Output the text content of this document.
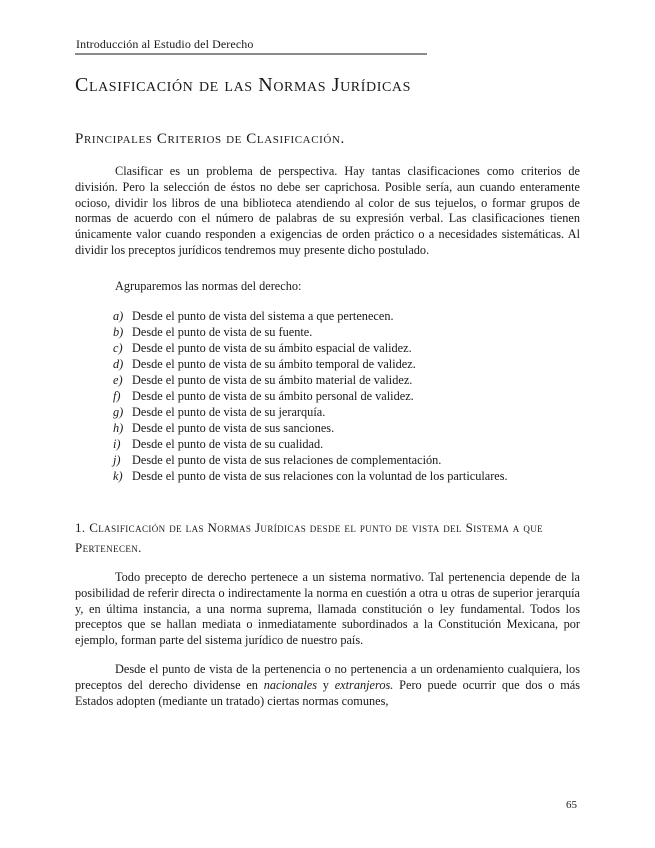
Introducción al Estudio del Derecho
Clasificación de las Normas Jurídicas
Principales Criterios de Clasificación.

Clasificar es un problema de perspectiva. Hay tantas clasificaciones como criterios de división. Pero la selección de éstos no debe ser caprichosa. Posible sería, aun cuando enteramente ocioso, dividir los libros de una biblioteca atendiendo al color de sus tejuelos, o formar grupos de normas de acuerdo con el número de palabras de su expresión verbal. Las clasificaciones tienen únicamente valor cuando responden a exigencias de orden práctico o a necesidades sistemáticas. Al dividir los preceptos jurídicos tendremos muy presente dicho postulado.

Agruparemos las normas del derecho:

a) Desde el punto de vista del sistema a que pertenecen.
b) Desde el punto de vista de su fuente.
c) Desde el punto de vista de su ámbito espacial de validez.
d) Desde el punto de vista de su ámbito temporal de validez.
e) Desde el punto de vista de su ámbito material de validez.
f) Desde el punto de vista de su ámbito personal de validez.
g) Desde el punto de vista de su jerarquía.
h) Desde el punto de vista de sus sanciones.
i) Desde el punto de vista de su cualidad.
j) Desde el punto de vista de sus relaciones de complementación.
k) Desde el punto de vista de sus relaciones con la voluntad de los particulares.
1. Clasificación de las Normas Jurídicas desde el punto de vista del Sistema a que Pertenecen.

Todo precepto de derecho pertenece a un sistema normativo. Tal pertenencia depende de la posibilidad de referir directa o indirectamente la norma en cuestión a otra u otras de superior jerarquía y, en última instancia, a una norma suprema, llamada constitución o ley fundamental. Todos los preceptos que se hallan mediata o inmediatamente subordinados a la Constitución Mexicana, por ejemplo, forman parte del sistema jurídico de nuestro país.

Desde el punto de vista de la pertenencia o no pertenencia a un ordenamiento cualquiera, los preceptos del derecho dividense en nacionales y extranjeros. Pero puede ocurrir que dos o más Estados adopten (mediante un tratado) ciertas normas comunes,

65
